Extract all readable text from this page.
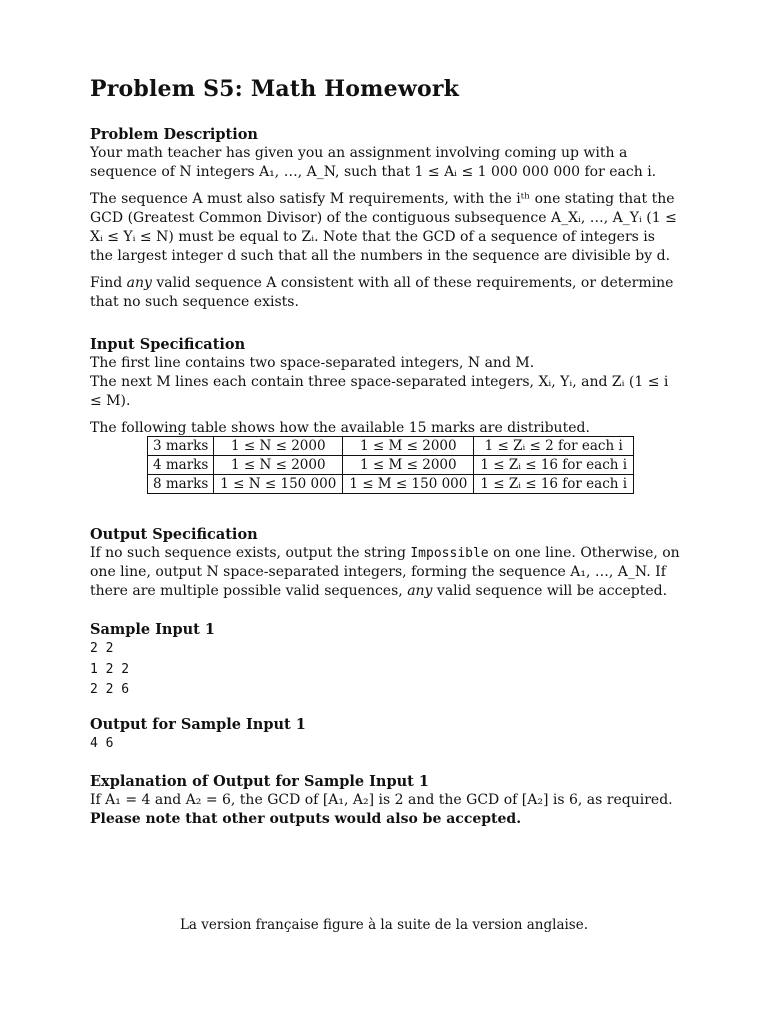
Problem S5: Math Homework
Problem Description

Your math teacher has given you an assignment involving coming up with a sequence of N integers A₁, …, A_N, such that 1 ≤ Aᵢ ≤ 1 000 000 000 for each i.

The sequence A must also satisfy M requirements, with the iᵗʰ one stating that the GCD (Greatest Common Divisor) of the contiguous subsequence A_Xᵢ, …, A_Yᵢ (1 ≤ Xᵢ ≤ Yᵢ ≤ N) must be equal to Zᵢ. Note that the GCD of a sequence of integers is the largest integer d such that all the numbers in the sequence are divisible by d.

Find any valid sequence A consistent with all of these requirements, or determine that no such sequence exists.

Input Specification

The first line contains two space-separated integers, N and M.

The next M lines each contain three space-separated integers, Xᵢ, Yᵢ, and Zᵢ (1 ≤ i ≤ M).

The following table shows how the available 15 marks are distributed.

3 marks	1 ≤ N ≤ 2000	1 ≤ M ≤ 2000	1 ≤ Zᵢ ≤ 2 for each i
4 marks	1 ≤ N ≤ 2000	1 ≤ M ≤ 2000	1 ≤ Zᵢ ≤ 16 for each i
8 marks	1 ≤ N ≤ 150 000	1 ≤ M ≤ 150 000	1 ≤ Zᵢ ≤ 16 for each i
Output Specification

If no such sequence exists, output the string Impossible on one line. Otherwise, on one line, output N space-separated integers, forming the sequence A₁, …, A_N. If there are multiple possible valid sequences, any valid sequence will be accepted.

Sample Input 1
2 2
1 2 2
2 2 6
Output for Sample Input 1
4 6
Explanation of Output for Sample Input 1

If A₁ = 4 and A₂ = 6, the GCD of [A₁, A₂] is 2 and the GCD of [A₂] is 6, as required. Please note that other outputs would also be accepted.

La version française figure à la suite de la version anglaise.
